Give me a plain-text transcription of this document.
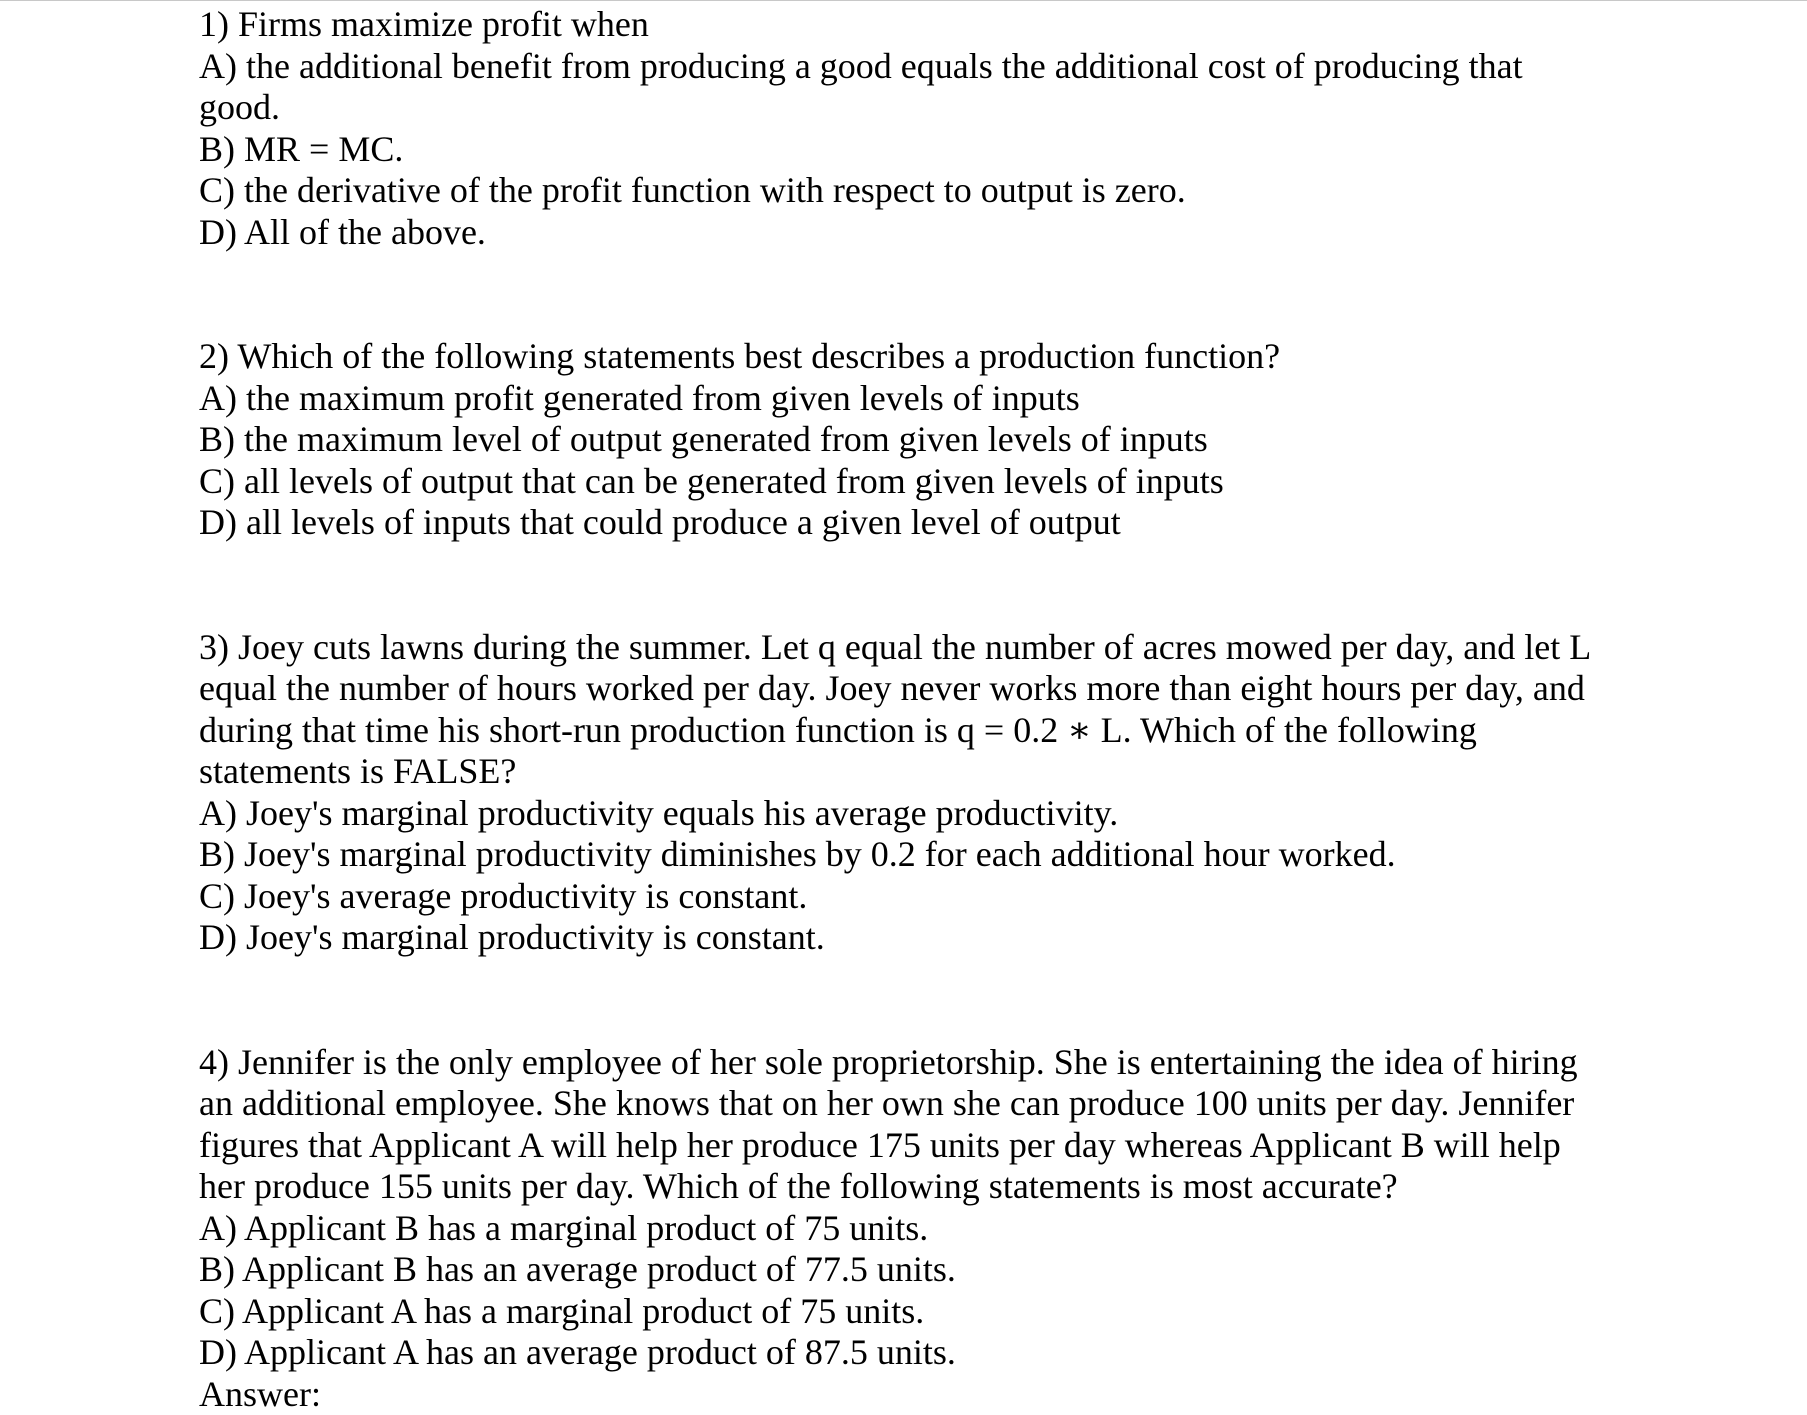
1) Firms maximize profit when
A) the additional benefit from producing a good equals the additional cost of producing that good.
B) MR = MC.
C) the derivative of the profit function with respect to output is zero.
D) All of the above.
2) Which of the following statements best describes a production function?
A) the maximum profit generated from given levels of inputs
B) the maximum level of output generated from given levels of inputs
C) all levels of output that can be generated from given levels of inputs
D) all levels of inputs that could produce a given level of output
3) Joey cuts lawns during the summer. Let q equal the number of acres mowed per day, and let L equal the number of hours worked per day. Joey never works more than eight hours per day, and during that time his short-run production function is q = 0.2 ∗ L. Which of the following statements is FALSE?
A) Joey's marginal productivity equals his average productivity.
B) Joey's marginal productivity diminishes by 0.2 for each additional hour worked.
C) Joey's average productivity is constant.
D) Joey's marginal productivity is constant.
4) Jennifer is the only employee of her sole proprietorship. She is entertaining the idea of hiring an additional employee. She knows that on her own she can produce 100 units per day. Jennifer figures that Applicant A will help her produce 175 units per day whereas Applicant B will help her produce 155 units per day. Which of the following statements is most accurate?
A) Applicant B has a marginal product of 75 units.
B) Applicant B has an average product of 77.5 units.
C) Applicant A has a marginal product of 75 units.
D) Applicant A has an average product of 87.5 units.
Answer:
